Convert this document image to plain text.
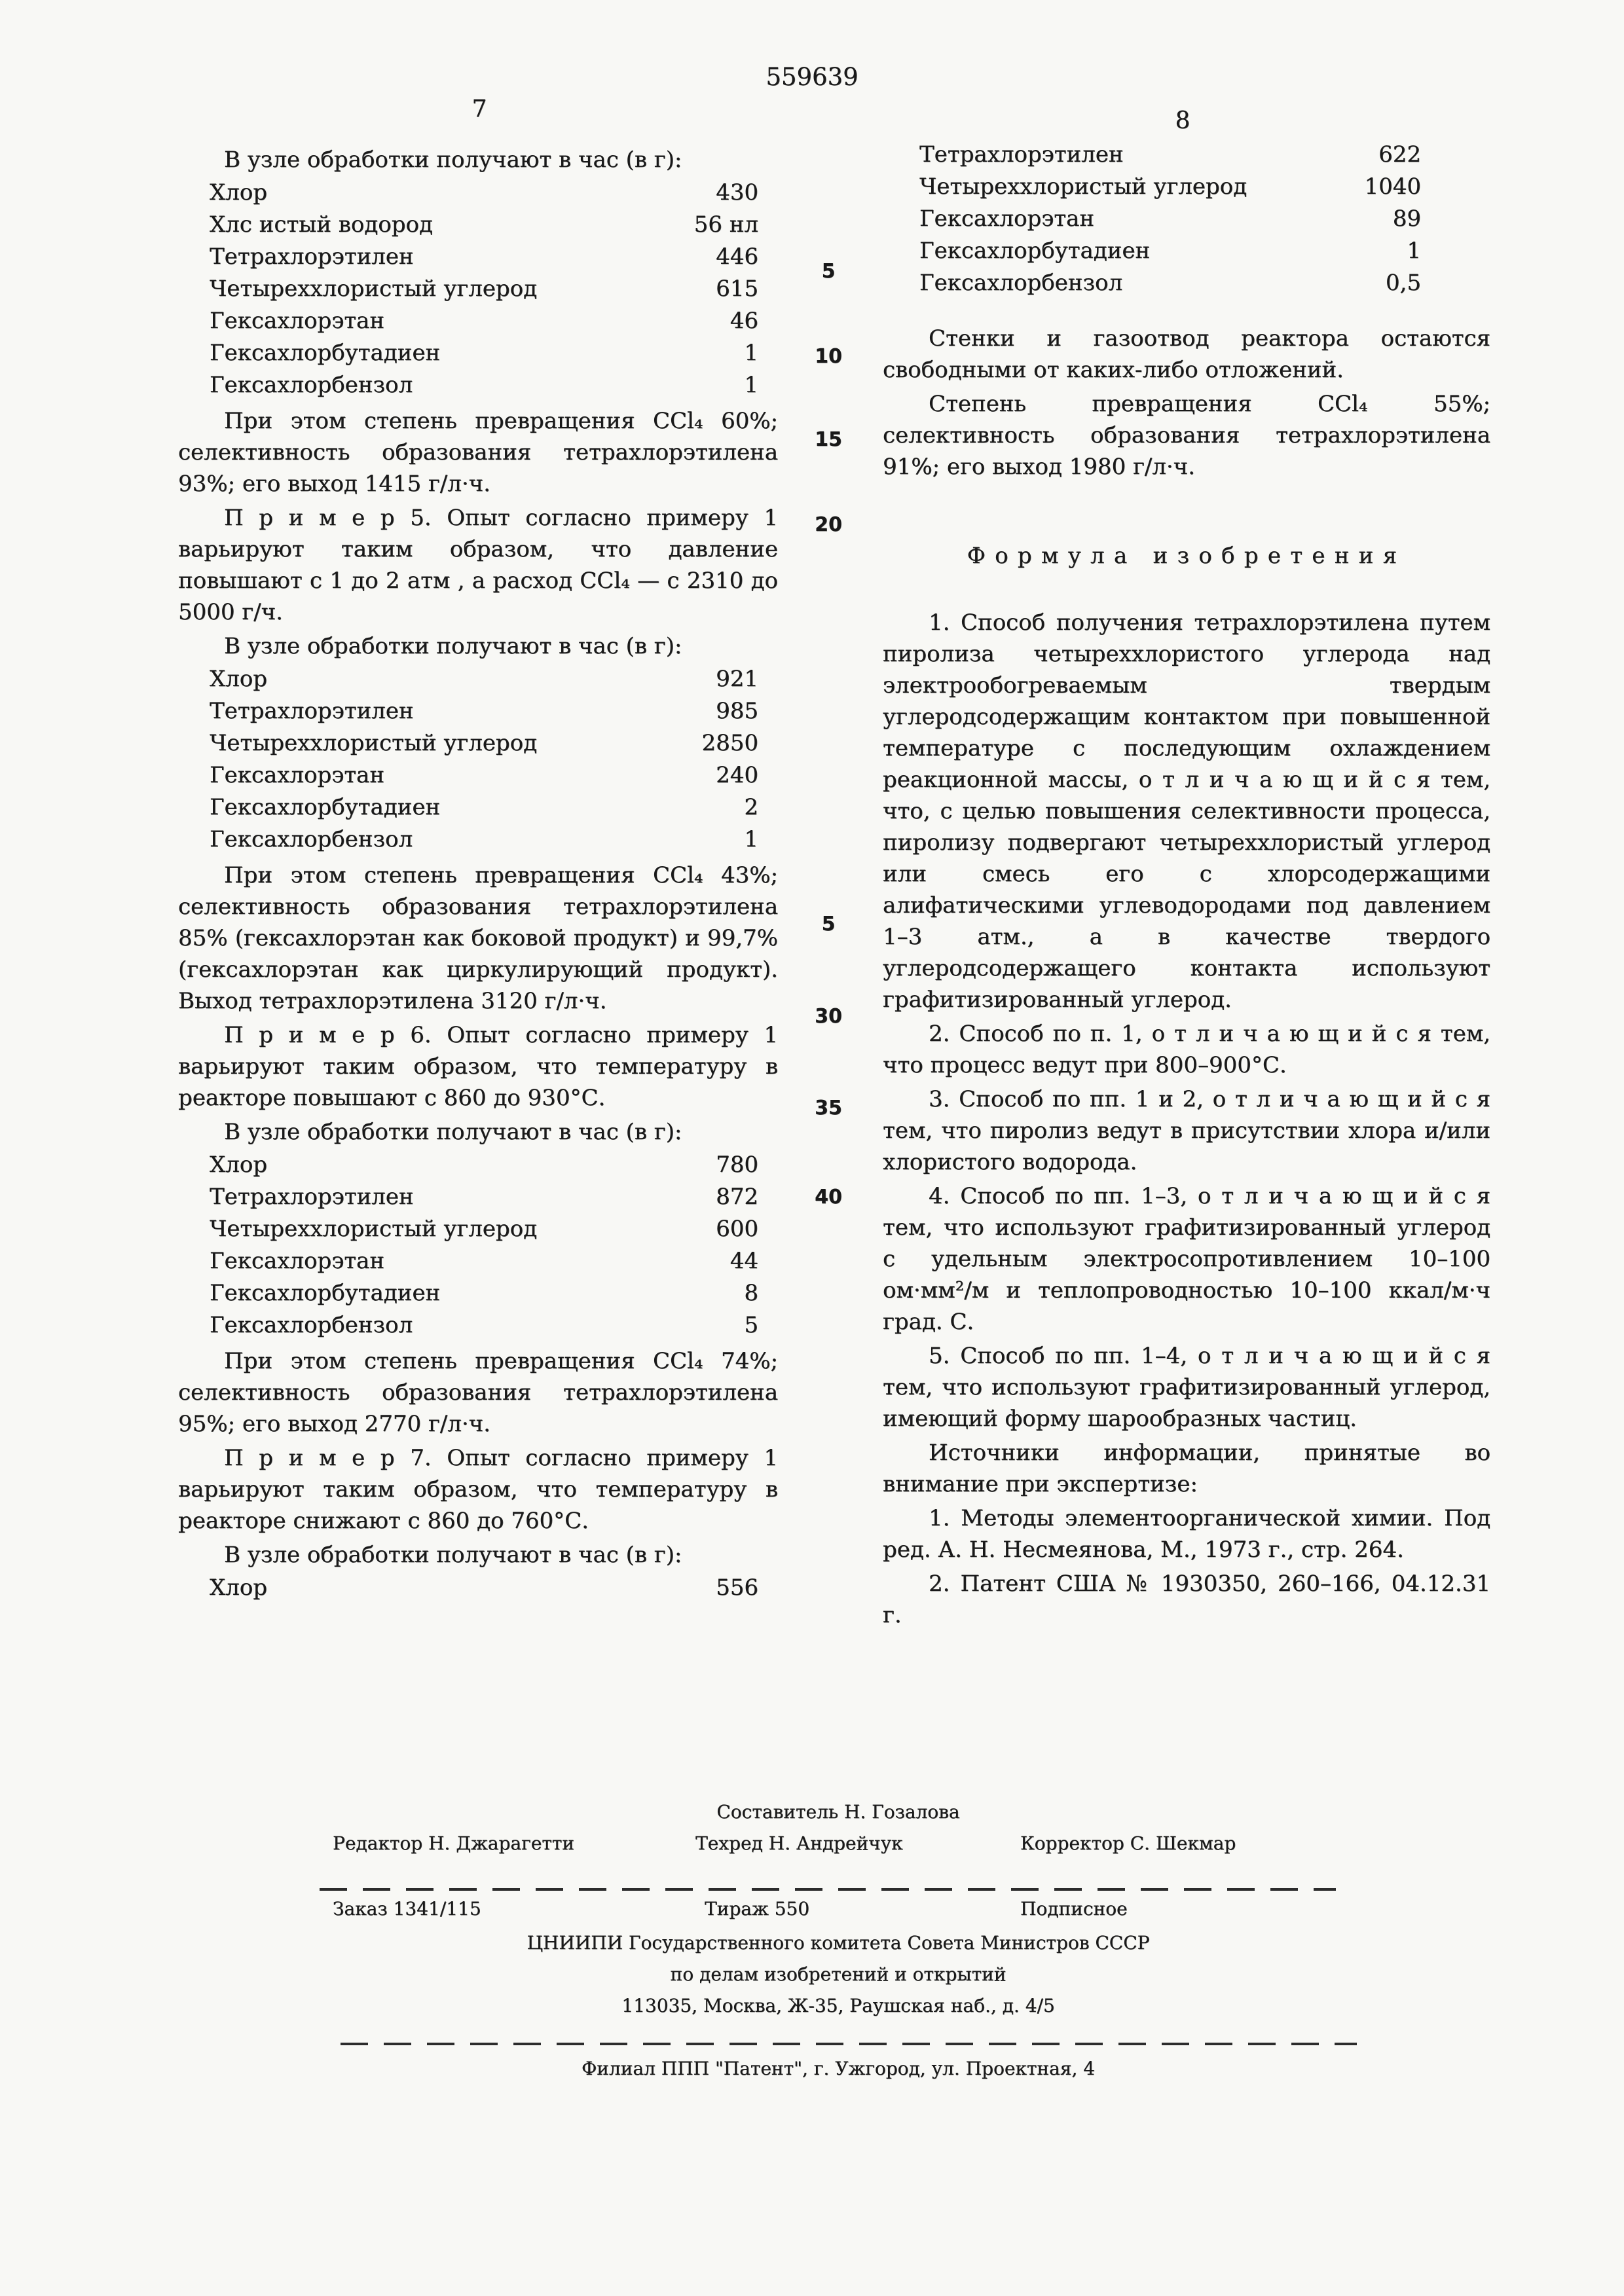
559639
7	8
5
10
15
20
5
30
35
40

В узле обработки получают в час (в г):

Хлор	430
Хлс истый водород	56 нл
Тетрахлорэтилен	446
Четыреххлористый углерод	615
Гексахлорэтан	46
Гексахлорбутадиен	1
Гексахлорбензол	1

При этом степень превращения CCl₄ 60%; селективность образования тетрахлорэтилена 93%; его выход 1415 г/л·ч.

П р и м е р 5. Опыт согласно примеру 1 варьируют таким образом, что давление повышают с 1 до 2 атм , а расход CCl₄ — с 2310 до 5000 г/ч.

В узле обработки получают в час (в г):

Хлор	921
Тетрахлорэтилен	985
Четыреххлористый углерод	2850
Гексахлорэтан	240
Гексахлорбутадиен	2
Гексахлорбензол	1

При этом степень превращения CCl₄ 43%; селективность образования тетрахлорэтилена 85% (гексахлорэтан как боковой продукт) и 99,7% (гексахлорэтан как циркулирующий продукт). Выход тетрахлорэтилена 3120 г/л·ч.

П р и м е р 6. Опыт согласно примеру 1 варьируют таким образом, что температуру в реакторе повышают с 860 до 930°С.

В узле обработки получают в час (в г):

Хлор	780
Тетрахлорэтилен	872
Четыреххлористый углерод	600
Гексахлорэтан	44
Гексахлорбутадиен	8
Гексахлорбензол	5

При этом степень превращения CCl₄ 74%; селективность образования тетрахлорэтилена 95%; его выход 2770 г/л·ч.

П р и м е р 7. Опыт согласно примеру 1 варьируют таким образом, что температуру в реакторе снижают с 860 до 760°С.

В узле обработки получают в час (в г):

Хлор	556
Тетрахлорэтилен	622
Четыреххлористый углерод	1040
Гексахлорэтан	89
Гексахлорбутадиен	1
Гексахлорбензол	0,5

Стенки и газоотвод реактора остаются свободными от каких-либо отложений.

Степень превращения CCl₄ 55%; селективность образования тетрахлорэтилена 91%; его выход 1980 г/л·ч.

Формула изобретения

1. Способ получения тетрахлорэтилена путем пиролиза четыреххлористого углерода над электрообогреваемым твердым углеродсодержащим контактом при повышенной температуре с последующим охлаждением реакционной массы, о т л и ч а ю щ и й с я тем, что, с целью повышения селективности процесса, пиролизу подвергают четыреххлористый углерод или смесь его с хлорсодержащими алифатическими углеводородами под давлением 1–3 атм., а в качестве твердого углеродсодержащего контакта используют графитизированный углерод.

2. Способ по п. 1, о т л и ч а ю щ и й с я тем, что процесс ведут при 800–900°С.

3. Способ по пп. 1 и 2, о т л и ч а ю щ и й с я тем, что пиролиз ведут в присутствии хлора и/или хлористого водорода.

4. Способ по пп. 1–3, о т л и ч а ю щ и й с я тем, что используют графитизированный углерод с удельным электросопротивлением 10–100 ом·мм²/м и теплопроводностью 10–100 ккал/м·ч град. С.

5. Способ по пп. 1–4, о т л и ч а ю щ и й с я тем, что используют графитизированный углерод, имеющий форму шарообразных частиц.

Источники информации, принятые во внимание при экспертизе:

1. Методы элементоорганической химии. Под ред. А. Н. Несмеянова, М., 1973 г., стр. 264.

2. Патент США № 1930350, 260–166, 04.12.31 г.

Составитель Н. Гозалова
Редактор Н. Джарагетти	Техред Н. Андрейчук	Корректор С. Шекмар
Заказ 1341/115	Тираж 550	Подписное
ЦНИИПИ Государственного комитета Совета Министров СССР
по делам изобретений и открытий
113035, Москва, Ж-35, Раушская наб., д. 4/5
Филиал ППП "Патент", г. Ужгород, ул. Проектная, 4
